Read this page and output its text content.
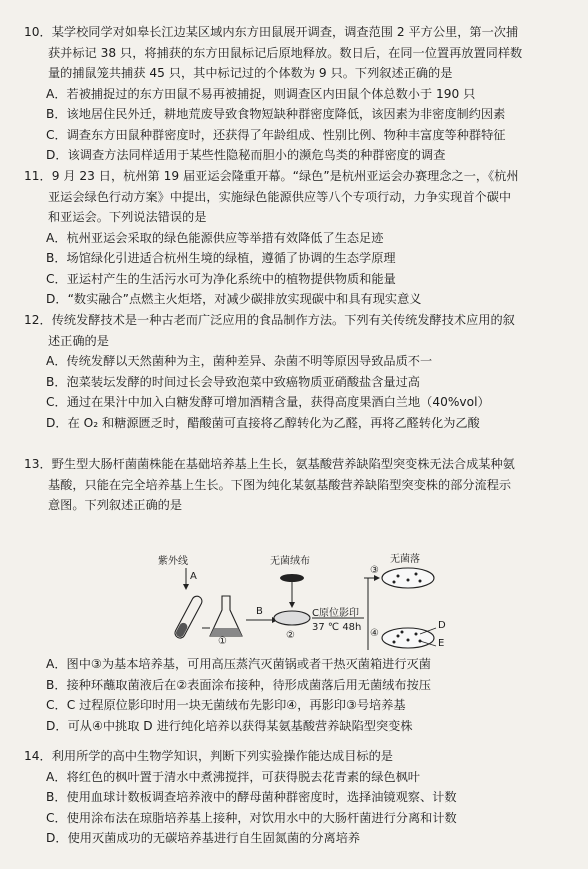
10．某学校同学对如皋长江边某区域内东方田鼠展开调查，调查范围 2 平方公里，第一次捕
获并标记 38 只，将捕获的东方田鼠标记后原地释放。数日后，在同一位置再放置同样数
量的捕鼠笼共捕获 45 只，其中标记过的个体数为 9 只。下列叙述正确的是
A．若被捕捉过的东方田鼠不易再被捕捉，则调查区内田鼠个体总数小于 190 只
B．该地居住民外迁，耕地荒废导致食物短缺种群密度降低，该因素为非密度制约因素
C．调查东方田鼠种群密度时，还获得了年龄组成、性别比例、物种丰富度等种群特征
D．该调查方法同样适用于某些性隐秘而胆小的濒危鸟类的种群密度的调查
11．9 月 23 日，杭州第 19 届亚运会隆重开幕。“绿色”是杭州亚运会办赛理念之一，《杭州
亚运会绿色行动方案》中提出，实施绿色能源供应等八个专项行动，力争实现首个碳中
和亚运会。下列说法错误的是
A．杭州亚运会采取的绿色能源供应等举措有效降低了生态足迹
B．场馆绿化引进适合杭州生境的绿植，遵循了协调的生态学原理
C．亚运村产生的生活污水可为净化系统中的植物提供物质和能量
D．“数实融合”点燃主火炬塔，对减少碳排放实现碳中和具有现实意义
12．传统发酵技术是一种古老而广泛应用的食品制作方法。下列有关传统发酵技术应用的叙
述正确的是
A．传统发酵以天然菌种为主，菌种差异、杂菌不明等原因导致品质不一
B．泡菜装坛发酵的时间过长会导致泡菜中致癌物质亚硝酸盐含量过高
C．通过在果汁中加入白糖发酵可增加酒精含量，获得高度果酒白兰地（40%vol）
D．在 O₂ 和糖源匮乏时，醋酸菌可直接将乙醇转化为乙醛，再将乙醛转化为乙酸
13．野生型大肠杆菌菌株能在基础培养基上生长，氨基酸营养缺陷型突变株无法合成某种氨
基酸，只能在完全培养基上生长。下图为纯化某氨基酸营养缺陷型突变株的部分流程示
意图。下列叙述正确的是
紫外线
A
无菌绒布	无菌落
B	C原位影印
37 ℃ 48h
①
②
③
④
D
E
A．图中③为基本培养基，可用高压蒸汽灭菌锅或者干热灭菌箱进行灭菌
B．接种环蘸取菌液后在②表面涂布接种，待形成菌落后用无菌绒布按压
C．C 过程原位影印时用一块无菌绒布先影印④，再影印③号培养基
D．可从④中挑取 D 进行纯化培养以获得某氨基酸营养缺陷型突变株
14．利用所学的高中生物学知识，判断下列实验操作能达成目标的是
A．将红色的枫叶置于清水中煮沸搅拌，可获得脱去花青素的绿色枫叶
B．使用血球计数板调查培养液中的酵母菌种群密度时，选择油镜观察、计数
C．使用涂布法在琼脂培养基上接种，对饮用水中的大肠杆菌进行分离和计数
D．使用灭菌成功的无碳培养基进行自生固氮菌的分离培养
